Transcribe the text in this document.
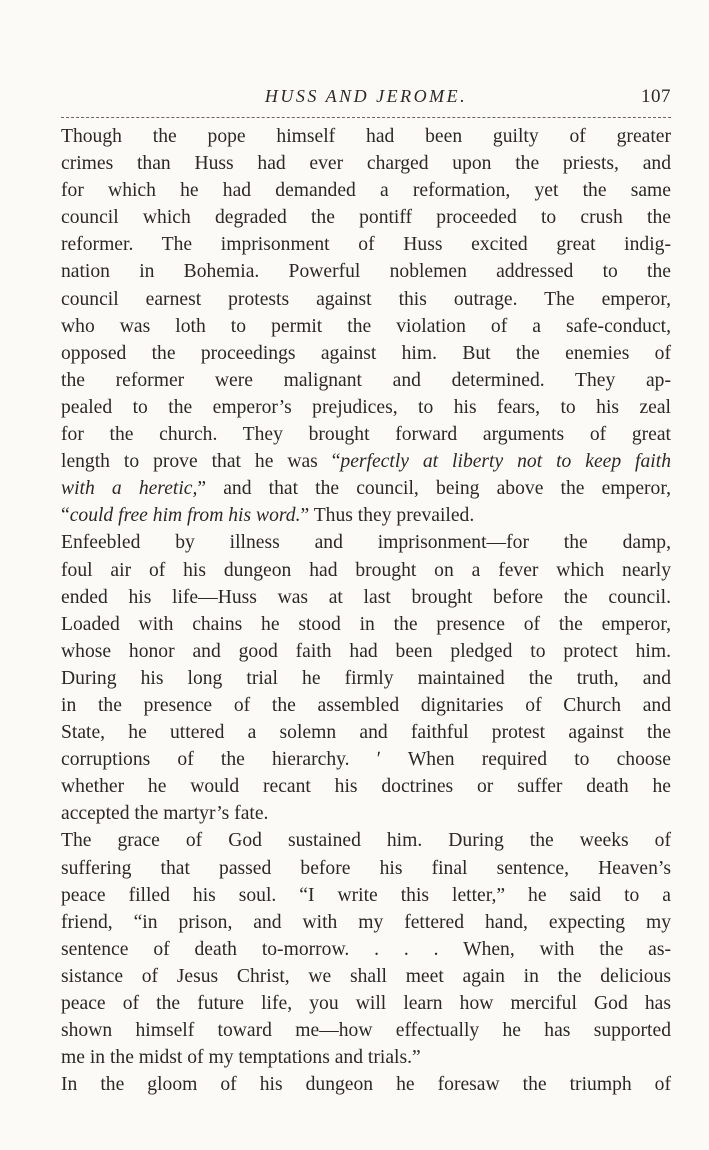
HUSS AND JEROME.	107

Though the pope himself had been guilty of greater
crimes than Huss had ever charged upon the priests, and
for which he had demanded a reformation, yet the same
council which degraded the pontiff proceeded to crush the
reformer. The imprisonment of Huss excited great indig-
nation in Bohemia. Powerful noblemen addressed to the
council earnest protests against this outrage. The emperor,
who was loth to permit the violation of a safe-conduct,
opposed the proceedings against him. But the enemies of
the reformer were malignant and determined. They ap-
pealed to the emperor’s prejudices, to his fears, to his zeal
for the church. They brought forward arguments of great
length to prove that he was “perfectly at liberty not to keep faith
with a heretic,” and that the council, being above the emperor,
“could free him from his word.” Thus they prevailed.

Enfeebled by illness and imprisonment—for the damp,
foul air of his dungeon had brought on a fever which nearly
ended his life—Huss was at last brought before the council.
Loaded with chains he stood in the presence of the emperor,
whose honor and good faith had been pledged to protect him.
During his long trial he firmly maintained the truth, and
in the presence of the assembled dignitaries of Church and
State, he uttered a solemn and faithful protest against the
corruptions of the hierarchy. ʹ When required to choose
whether he would recant his doctrines or suffer death he
accepted the martyr’s fate.

The grace of God sustained him. During the weeks of
suffering that passed before his final sentence, Heaven’s
peace filled his soul. “I write this letter,” he said to a
friend, “in prison, and with my fettered hand, expecting my
sentence of death to-morrow. . . . When, with the as-
sistance of Jesus Christ, we shall meet again in the delicious
peace of the future life, you will learn how merciful God has
shown himself toward me—how effectually he has supported
me in the midst of my temptations and trials.”

In the gloom of his dungeon he foresaw the triumph of
